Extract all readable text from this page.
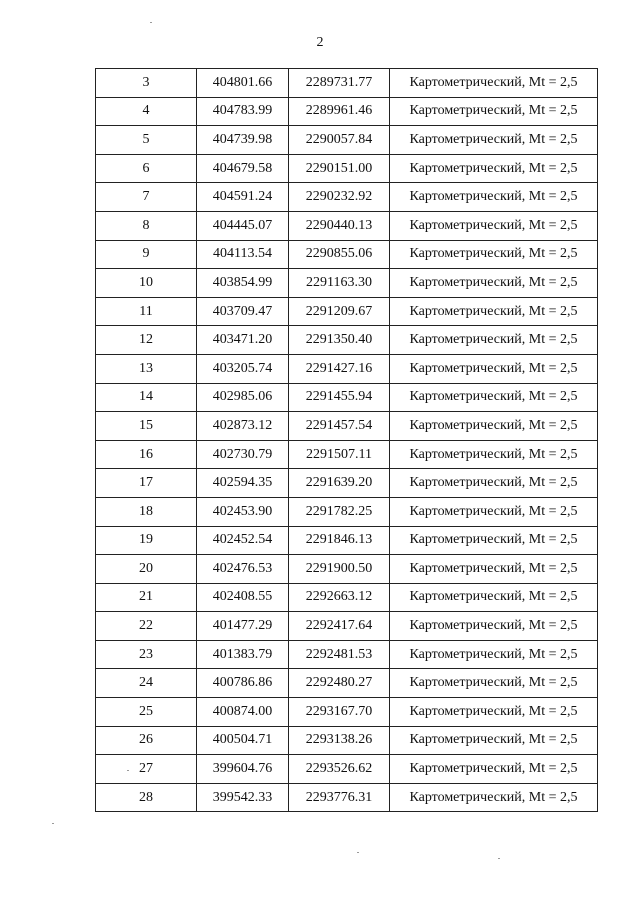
2
3	404801.66	2289731.77	Картометрический, Mt = 2,5
4	404783.99	2289961.46	Картометрический, Mt = 2,5
5	404739.98	2290057.84	Картометрический, Mt = 2,5
6	404679.58	2290151.00	Картометрический, Mt = 2,5
7	404591.24	2290232.92	Картометрический, Mt = 2,5
8	404445.07	2290440.13	Картометрический, Mt = 2,5
9	404113.54	2290855.06	Картометрический, Mt = 2,5
10	403854.99	2291163.30	Картометрический, Mt = 2,5
11	403709.47	2291209.67	Картометрический, Mt = 2,5
12	403471.20	2291350.40	Картометрический, Mt = 2,5
13	403205.74	2291427.16	Картометрический, Mt = 2,5
14	402985.06	2291455.94	Картометрический, Mt = 2,5
15	402873.12	2291457.54	Картометрический, Mt = 2,5
16	402730.79	2291507.11	Картометрический, Mt = 2,5
17	402594.35	2291639.20	Картометрический, Mt = 2,5
18	402453.90	2291782.25	Картометрический, Mt = 2,5
19	402452.54	2291846.13	Картометрический, Mt = 2,5
20	402476.53	2291900.50	Картометрический, Mt = 2,5
21	402408.55	2292663.12	Картометрический, Mt = 2,5
22	401477.29	2292417.64	Картометрический, Mt = 2,5
23	401383.79	2292481.53	Картометрический, Mt = 2,5
24	400786.86	2292480.27	Картометрический, Mt = 2,5
25	400874.00	2293167.70	Картометрический, Mt = 2,5
26	400504.71	2293138.26	Картометрический, Mt = 2,5
27	399604.76	2293526.62	Картометрический, Mt = 2,5
28	399542.33	2293776.31	Картометрический, Mt = 2,5
